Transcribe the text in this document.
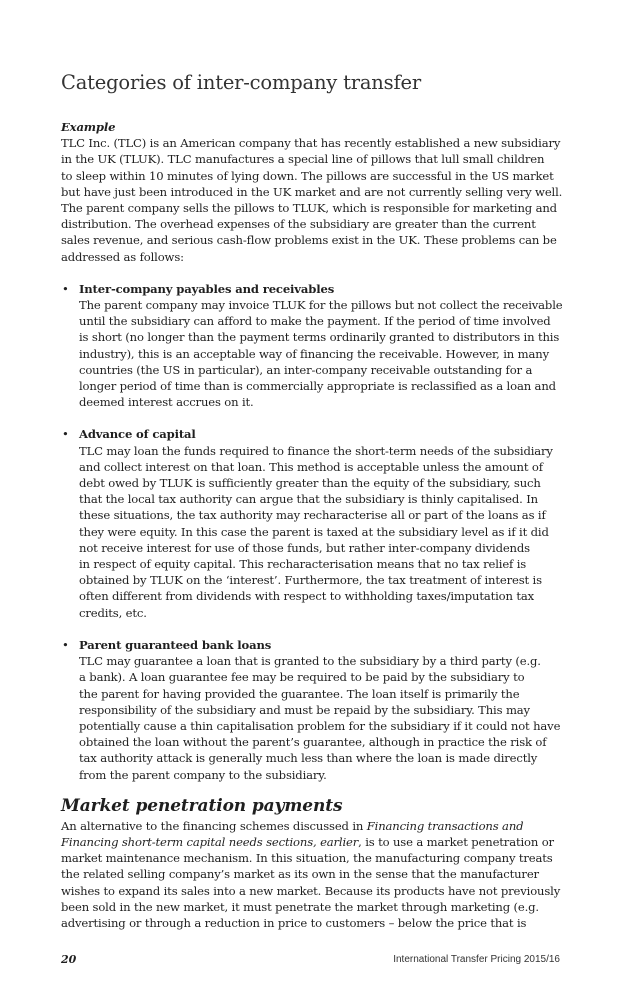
Categories of inter-company transfer
Example
TLC Inc. (TLC) is an American company that has recently established a new subsidiary
in the UK (TLUK). TLC manufactures a special line of pillows that lull small children
to sleep within 10 minutes of lying down. The pillows are successful in the US market
but have just been introduced in the UK market and are not currently selling very well.
The parent company sells the pillows to TLUK, which is responsible for marketing and
distribution. The overhead expenses of the subsidiary are greater than the current
sales revenue, and serious cash-flow problems exist in the UK. These problems can be
addressed as follows:
• Inter-company payables and receivables
The parent company may invoice TLUK for the pillows but not collect the receivable
until the subsidiary can afford to make the payment. If the period of time involved
is short (no longer than the payment terms ordinarily granted to distributors in this
industry), this is an acceptable way of financing the receivable. However, in many
countries (the US in particular), an inter-company receivable outstanding for a
longer period of time than is commercially appropriate is reclassified as a loan and
deemed interest accrues on it.
• Advance of capital
TLC may loan the funds required to finance the short-term needs of the subsidiary
and collect interest on that loan. This method is acceptable unless the amount of
debt owed by TLUK is sufficiently greater than the equity of the subsidiary, such
that the local tax authority can argue that the subsidiary is thinly capitalised. In
these situations, the tax authority may recharacterise all or part of the loans as if
they were equity. In this case the parent is taxed at the subsidiary level as if it did
not receive interest for use of those funds, but rather inter-company dividends
in respect of equity capital. This recharacterisation means that no tax relief is
obtained by TLUK on the ‘interest’. Furthermore, the tax treatment of interest is
often different from dividends with respect to withholding taxes/imputation tax
credits, etc.
• Parent guaranteed bank loans
TLC may guarantee a loan that is granted to the subsidiary by a third party (e.g.
a bank). A loan guarantee fee may be required to be paid by the subsidiary to
the parent for having provided the guarantee. The loan itself is primarily the
responsibility of the subsidiary and must be repaid by the subsidiary. This may
potentially cause a thin capitalisation problem for the subsidiary if it could not have
obtained the loan without the parent’s guarantee, although in practice the risk of
tax authority attack is generally much less than where the loan is made directly
from the parent company to the subsidiary.
Market penetration payments
An alternative to the financing schemes discussed in Financing transactions and
Financing short-term capital needs sections, earlier, is to use a market penetration or
market maintenance mechanism. In this situation, the manufacturing company treats
the related selling company’s market as its own in the sense that the manufacturer
wishes to expand its sales into a new market. Because its products have not previously
been sold in the new market, it must penetrate the market through marketing (e.g.
advertising or through a reduction in price to customers – below the price that is
20	International Transfer Pricing 2015/16
